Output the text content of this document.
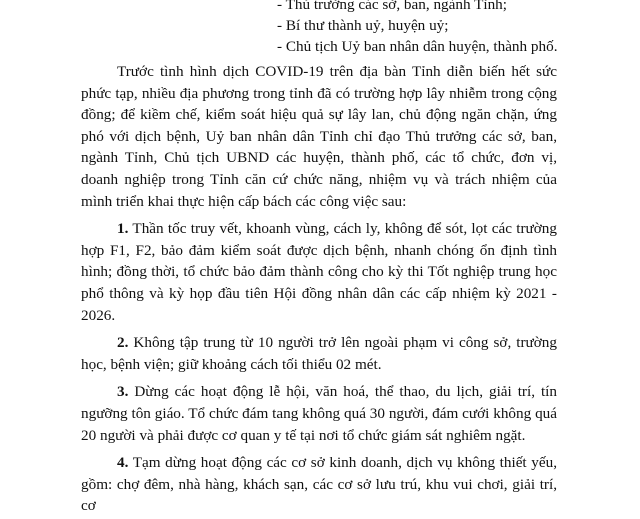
- Thủ trưởng các sở, ban, ngành Tỉnh;
- Bí thư thành uỷ, huyện uỷ;
- Chủ tịch Uỷ ban nhân dân huyện, thành phố.

Trước tình hình dịch COVID-19 trên địa bàn Tỉnh diễn biến hết sức phức tạp, nhiều địa phương trong tỉnh đã có trường hợp lây nhiễm trong cộng đồng; để kiềm chế, kiểm soát hiệu quả sự lây lan, chủ động ngăn chặn, ứng phó với dịch bệnh, Uỷ ban nhân dân Tỉnh chỉ đạo Thủ trưởng các sở, ban, ngành Tỉnh, Chủ tịch UBND các huyện, thành phố, các tổ chức, đơn vị, doanh nghiệp trong Tỉnh căn cứ chức năng, nhiệm vụ và trách nhiệm của mình triển khai thực hiện cấp bách các công việc sau:

1. Thần tốc truy vết, khoanh vùng, cách ly, không để sót, lọt các trường hợp F1, F2, bảo đảm kiểm soát được dịch bệnh, nhanh chóng ổn định tình hình; đồng thời, tổ chức bảo đảm thành công cho kỳ thi Tốt nghiệp trung học phổ thông và kỳ họp đầu tiên Hội đồng nhân dân các cấp nhiệm kỳ 2021 - 2026.

2. Không tập trung từ 10 người trở lên ngoài phạm vi công sở, trường học, bệnh viện; giữ khoảng cách tối thiểu 02 mét.

3. Dừng các hoạt động lễ hội, văn hoá, thể thao, du lịch, giải trí, tín ngưỡng tôn giáo. Tổ chức đám tang không quá 30 người, đám cưới không quá 20 người và phải được cơ quan y tế tại nơi tổ chức giám sát nghiêm ngặt.

4. Tạm dừng hoạt động các cơ sở kinh doanh, dịch vụ không thiết yếu, gồm: chợ đêm, nhà hàng, khách sạn, các cơ sở lưu trú, khu vui chơi, giải trí, cơ
